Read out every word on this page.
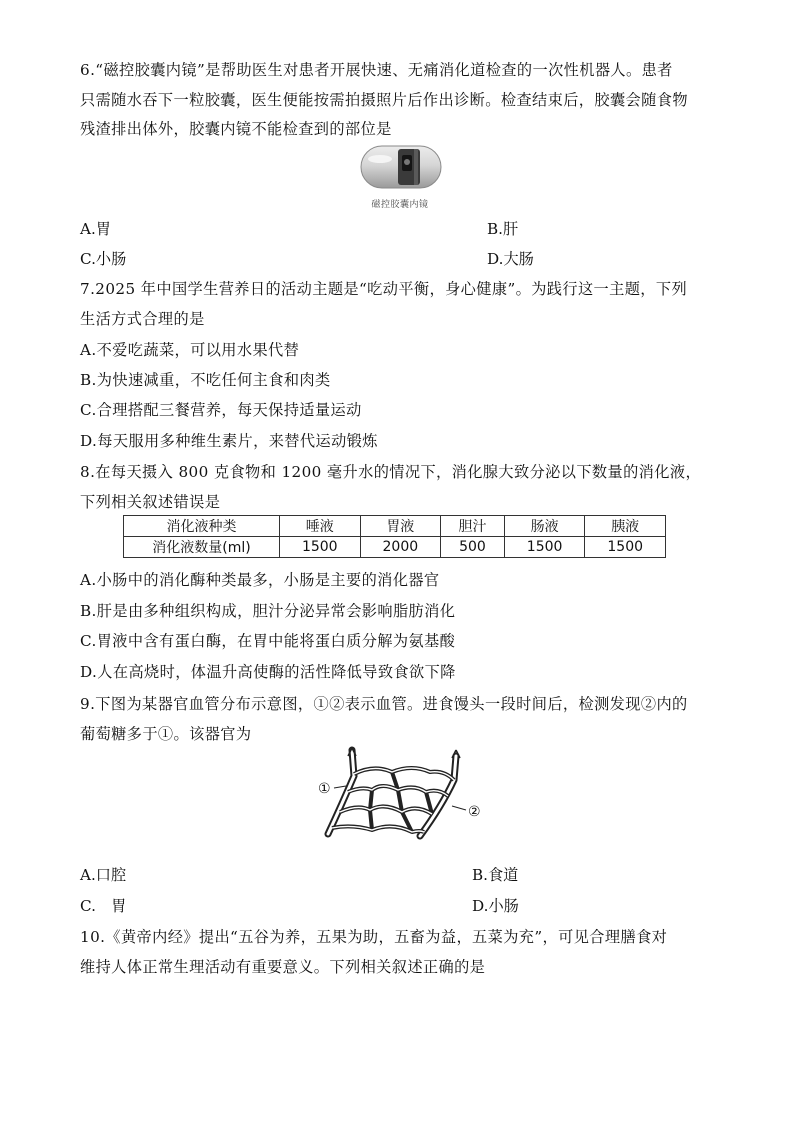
6.“磁控胶囊内镜”是帮助医生对患者开展快速、无痛消化道检查的一次性机器人。患者
只需随水吞下一粒胶囊，医生便能按需拍摄照片后作出诊断。检查结束后，胶囊会随食物
残渣排出体外，胶囊内镜不能检查到的部位是
磁控胶囊内镜
A.胃	B.肝
C.小肠	D.大肠
7.2025 年中国学生营养日的活动主题是“吃动平衡，身心健康”。为践行这一主题，下列
生活方式合理的是
A.不爱吃蔬菜，可以用水果代替
B.为快速减重，不吃任何主食和肉类
C.合理搭配三餐营养，每天保持适量运动
D.每天服用多种维生素片，来替代运动锻炼
8.在每天摄入 800 克食物和 1200 毫升水的情况下，消化腺大致分泌以下数量的消化液，
下列相关叙述错误是
消化液种类	唾液	胃液	胆汁	肠液	胰液
消化液数量(ml)	1500	2000	500	1500	1500
A.小肠中的消化酶种类最多，小肠是主要的消化器官
B.肝是由多种组织构成，胆汁分泌异常会影响脂肪消化
C.胃液中含有蛋白酶，在胃中能将蛋白质分解为氨基酸
D.人在高烧时，体温升高使酶的活性降低导致食欲下降
9.下图为某器官血管分布示意图，①②表示血管。进食馒头一段时间后，检测发现②内的
葡萄糖多于①。该器官为
①
②
A.口腔	B.食道
C.　胃	D.小肠
10.《黄帝内经》提出“五谷为养，五果为助，五畜为益，五菜为充”，可见合理膳食对
维持人体正常生理活动有重要意义。下列相关叙述正确的是
